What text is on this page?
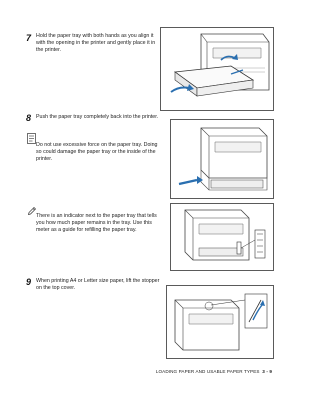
7 Hold the paper tray with both hands as you align it with the opening in the printer and gently place it in the printer.
8 Push the paper tray completely back into the printer.
Do not use excessive force on the paper tray. Doing so could damage the paper tray or the inside of the printer.
There is an indicator next to the paper tray that tells you how much paper remains in the tray. Use this meter as a guide for refilling the paper tray.
9 When printing A4 or Letter size paper, lift the stopper on the top cover.
LOADING PAPER AND USABLE PAPER TYPES 3 - 9
